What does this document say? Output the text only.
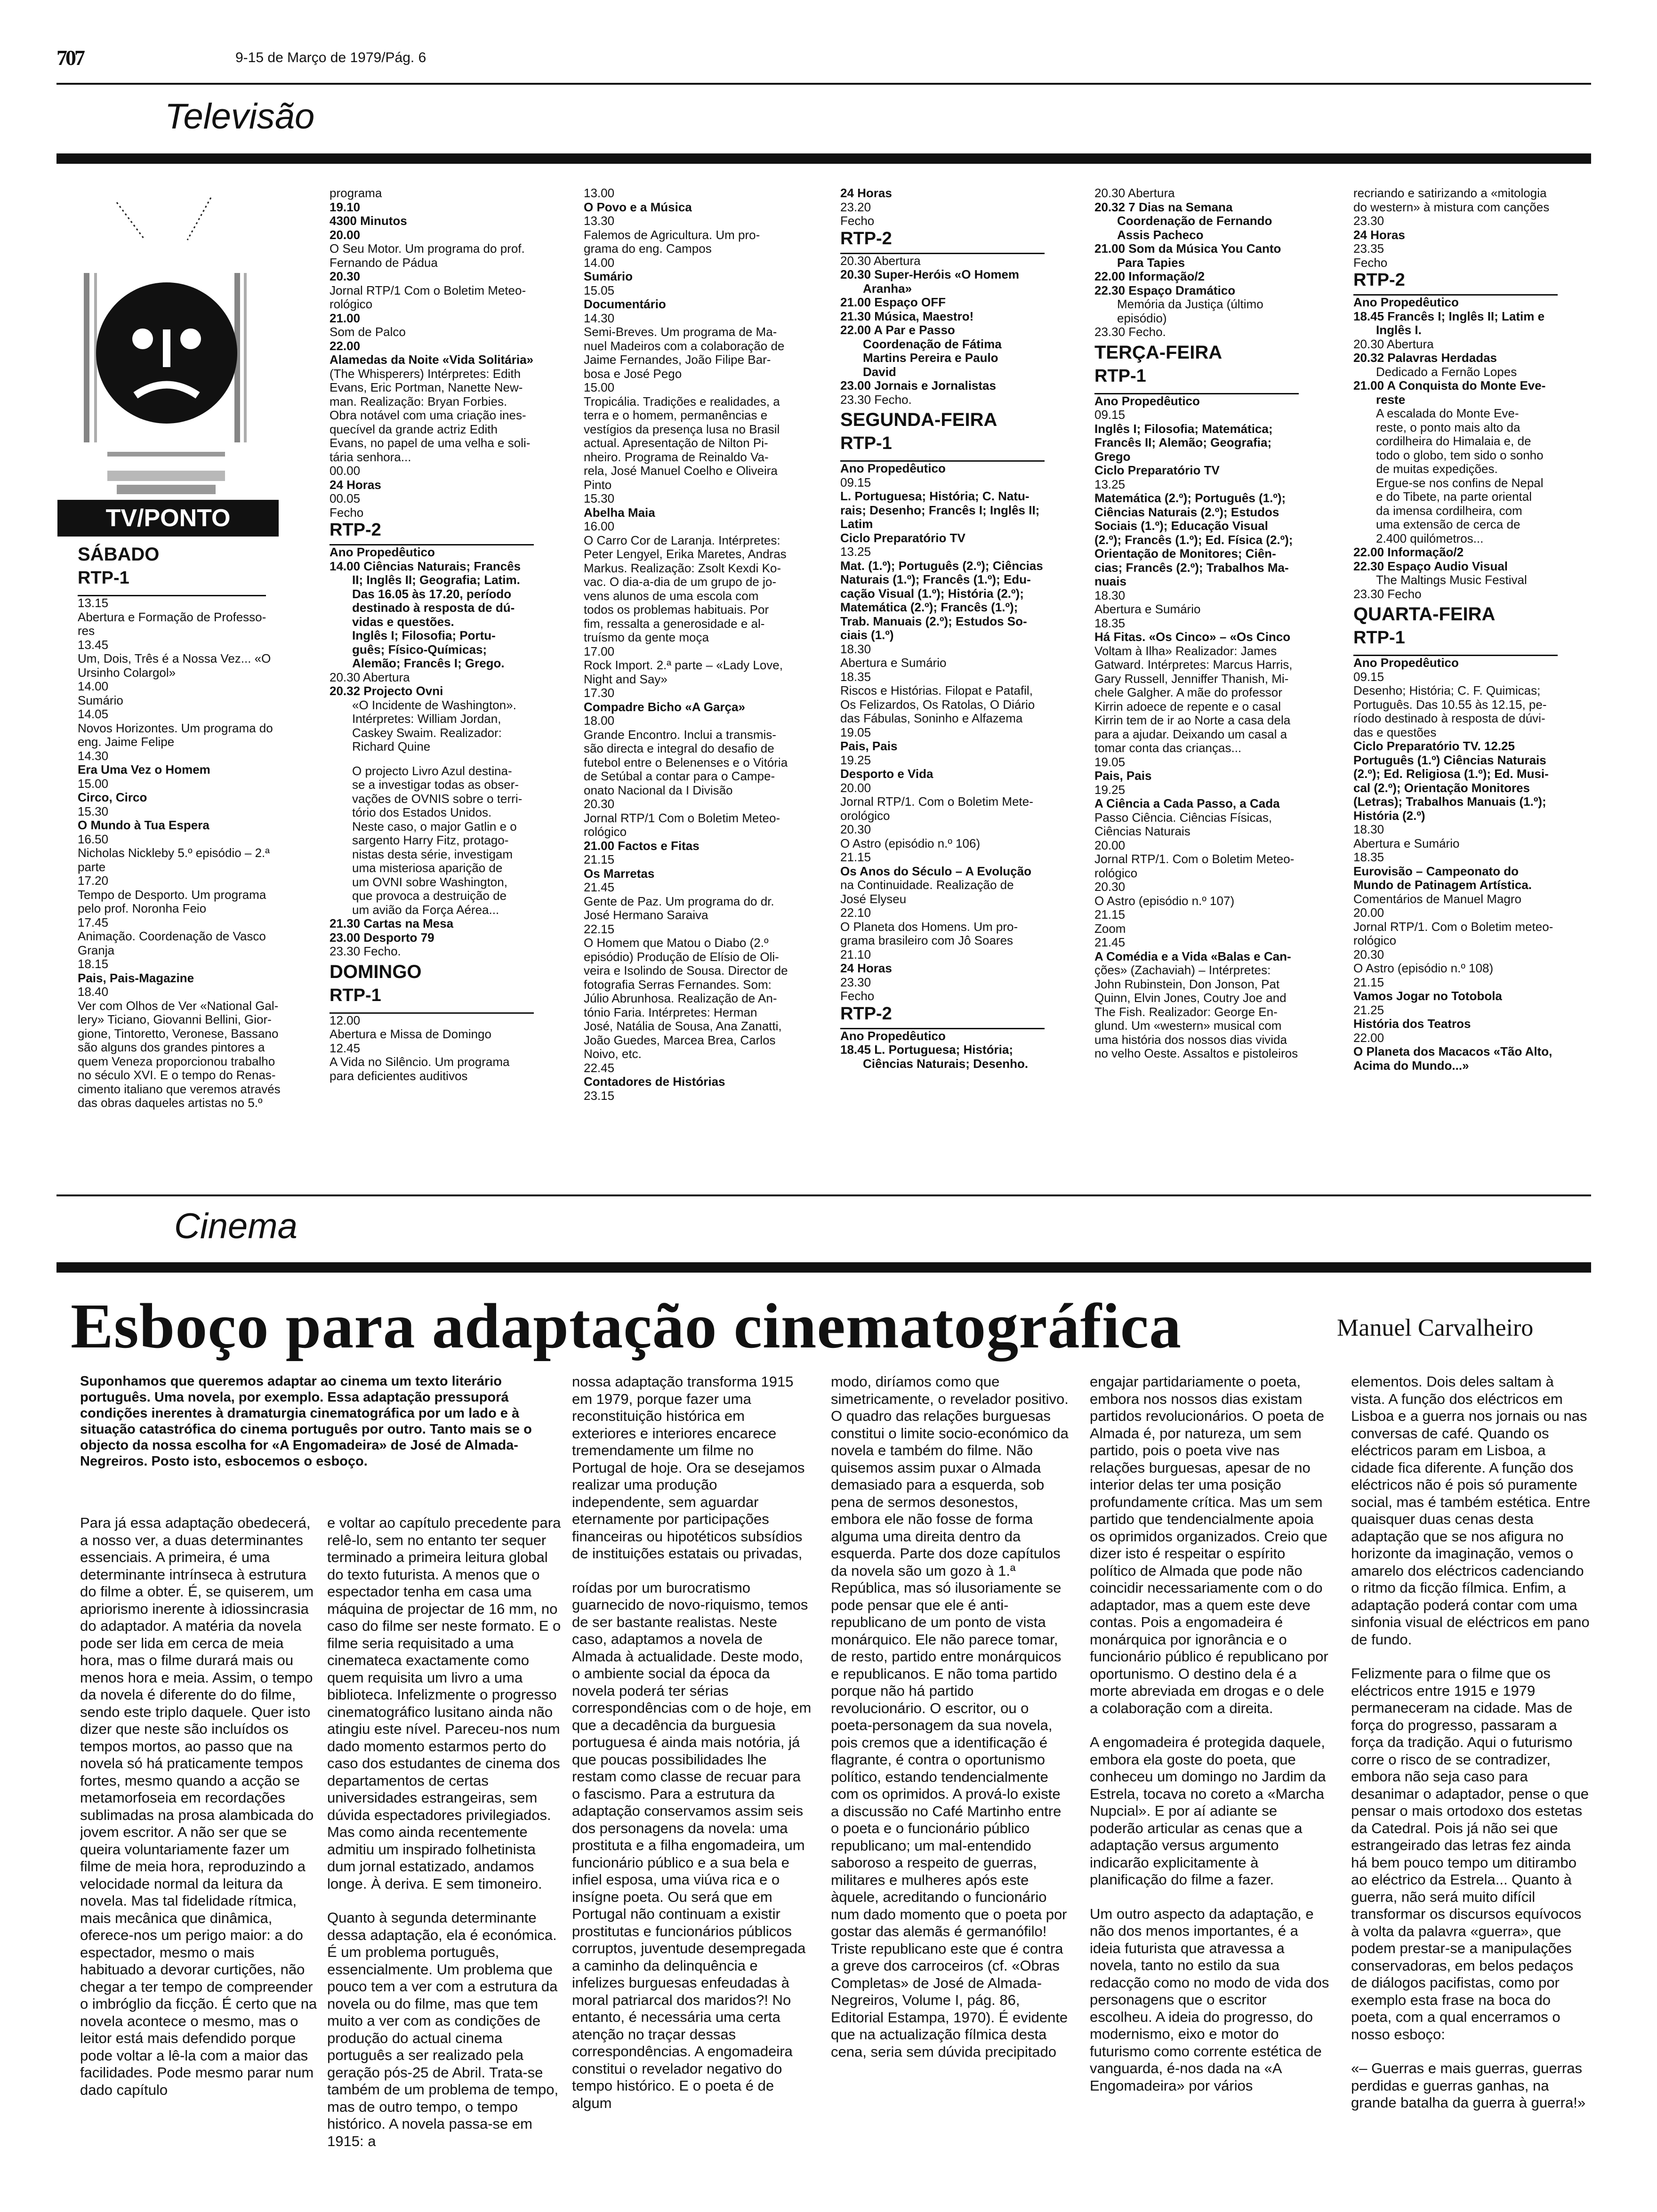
707	9-15 de Março de 1979/Pág. 6
Televisão
TV/PONTO

SÁBADO

RTP-1

13.15

Abertura e Formação de Professo-

res

13.45

Um, Dois, Três é a Nossa Vez... «O

Ursinho Colargol»

14.00

Sumário

14.05

Novos Horizontes. Um programa do

eng. Jaime Felipe

14.30

Era Uma Vez o Homem

15.00

Circo, Circo

15.30

O Mundo à Tua Espera

16.50

Nicholas Nickleby 5.º episódio – 2.ª

parte

17.20

Tempo de Desporto. Um programa

pelo prof. Noronha Feio

17.45

Animação. Coordenação de Vasco

Granja

18.15

Pais, Pais-Magazine

18.40

Ver com Olhos de Ver «National Gal-

lery» Ticiano, Giovanni Bellini, Gior-

gione, Tintoretto, Veronese, Bassano

são alguns dos grandes pintores a

quem Veneza proporcionou trabalho

no século XVI. E o tempo do Renas-

cimento italiano que veremos através

das obras daqueles artistas no 5.º

programa

19.10

4300 Minutos

20.00

O Seu Motor. Um programa do prof.

Fernando de Pádua

20.30

Jornal RTP/1 Com o Boletim Meteo-

rológico

21.00

Som de Palco

22.00

Alamedas da Noite «Vida Solitária»

(The Whisperers) Intérpretes: Edith

Evans, Eric Portman, Nanette New-

man. Realização: Bryan Forbies.

Obra notável com uma criação ines-

quecível da grande actriz Edith

Evans, no papel de uma velha e soli-

tária senhora...

00.00

24 Horas

00.05

Fecho

RTP-2

Ano Propedêutico

14.00 Ciências Naturais; Francês

II; Inglês II; Geografia; Latim.

Das 16.05 às 17.20, período

destinado à resposta de dú-

vidas e questões.

Inglês I; Filosofia; Portu-

guês; Físico-Químicas;

Alemão; Francês I; Grego.

20.30 Abertura

20.32 Projecto Ovni

«O Incidente de Washington».

Intérpretes: William Jordan,

Caskey Swaim. Realizador:

Richard Quine

O projecto Livro Azul destina-

se a investigar todas as obser-

vações de OVNIS sobre o terri-

tório dos Estados Unidos.

Neste caso, o major Gatlin e o

sargento Harry Fitz, protago-

nistas desta série, investigam

uma misteriosa aparição de

um OVNI sobre Washington,

que provoca a destruição de

um avião da Força Aérea...

21.30 Cartas na Mesa

23.00 Desporto 79

23.30 Fecho.

DOMINGO

RTP-1

12.00

Abertura e Missa de Domingo

12.45

A Vida no Silêncio. Um programa

para deficientes auditivos

13.00

O Povo e a Música

13.30

Falemos de Agricultura. Um pro-

grama do eng. Campos

14.00

Sumário

15.05

Documentário

14.30

Semi-Breves. Um programa de Ma-

nuel Madeiros com a colaboração de

Jaime Fernandes, João Filipe Bar-

bosa e José Pego

15.00

Tropicália. Tradições e realidades, a

terra e o homem, permanências e

vestígios da presença lusa no Brasil

actual. Apresentação de Nilton Pi-

nheiro. Programa de Reinaldo Va-

rela, José Manuel Coelho e Oliveira

Pinto

15.30

Abelha Maia

16.00

O Carro Cor de Laranja. Intérpretes:

Peter Lengyel, Erika Maretes, Andras

Markus. Realização: Zsolt Kexdi Ko-

vac. O dia-a-dia de um grupo de jo-

vens alunos de uma escola com

todos os problemas habituais. Por

fim, ressalta a generosidade e al-

truísmo da gente moça

17.00

Rock Import. 2.ª parte – «Lady Love,

Night and Say»

17.30

Compadre Bicho «A Garça»

18.00

Grande Encontro. Inclui a transmis-

são directa e integral do desafio de

futebol entre o Belenenses e o Vitória

de Setúbal a contar para o Campe-

onato Nacional da I Divisão

20.30

Jornal RTP/1 Com o Boletim Meteo-

rológico

21.00 Factos e Fitas

21.15

Os Marretas

21.45

Gente de Paz. Um programa do dr.

José Hermano Saraiva

22.15

O Homem que Matou o Diabo (2.º

episódio) Produção de Elísio de Oli-

veira e Isolindo de Sousa. Director de

fotografia Serras Fernandes. Som:

Júlio Abrunhosa. Realização de An-

tónio Faria. Intérpretes: Herman

José, Natália de Sousa, Ana Zanatti,

João Guedes, Marcea Brea, Carlos

Noivo, etc.

22.45

Contadores de Histórias

23.15

24 Horas

23.20

Fecho

RTP-2

20.30 Abertura

20.30 Super-Heróis «O Homem

Aranha»

21.00 Espaço OFF

21.30 Música, Maestro!

22.00 A Par e Passo

Coordenação de Fátima

Martins Pereira e Paulo

David

23.00 Jornais e Jornalistas

23.30 Fecho.

SEGUNDA-FEIRA

RTP-1

Ano Propedêutico

09.15

L. Portuguesa; História; C. Natu-

rais; Desenho; Francês I; Inglês II;

Latim

Ciclo Preparatório TV

13.25

Mat. (1.º); Português (2.º); Ciências

Naturais (1.º); Francês (1.º); Edu-

cação Visual (1.º); História (2.º);

Matemática (2.º); Francês (1.º);

Trab. Manuais (2.º); Estudos So-

ciais (1.º)

18.30

Abertura e Sumário

18.35

Riscos e Histórias. Filopat e Patafil,

Os Felizardos, Os Ratolas, O Diário

das Fábulas, Soninho e Alfazema

19.05

Pais, Pais

19.25

Desporto e Vida

20.00

Jornal RTP/1. Com o Boletim Mete-

orológico

20.30

O Astro (episódio n.º 106)

21.15

Os Anos do Século – A Evolução

na Continuidade. Realização de

José Elyseu

22.10

O Planeta dos Homens. Um pro-

grama brasileiro com Jô Soares

21.10

24 Horas

23.30

Fecho

RTP-2

Ano Propedêutico

18.45 L. Portuguesa; História;

Ciências Naturais; Desenho.

20.30 Abertura

20.32 7 Dias na Semana

Coordenação de Fernando

Assis Pacheco

21.00 Som da Música You Canto

Para Tapies

22.00 Informação/2

22.30 Espaço Dramático

Memória da Justiça (último

episódio)

23.30 Fecho.

TERÇA-FEIRA

RTP-1

Ano Propedêutico

09.15

Inglês I; Filosofia; Matemática;

Francês II; Alemão; Geografia;

Grego

Ciclo Preparatório TV

13.25

Matemática (2.º); Português (1.º);

Ciências Naturais (2.º); Estudos

Sociais (1.º); Educação Visual

(2.º); Francês (1.º); Ed. Física (2.º);

Orientação de Monitores; Ciên-

cias; Francês (2.º); Trabalhos Ma-

nuais

18.30

Abertura e Sumário

18.35

Há Fitas. «Os Cinco» – «Os Cinco

Voltam à Ilha» Realizador: James

Gatward. Intérpretes: Marcus Harris,

Gary Russell, Jenniffer Thanish, Mi-

chele Galgher. A mãe do professor

Kirrin adoece de repente e o casal

Kirrin tem de ir ao Norte a casa dela

para a ajudar. Deixando um casal a

tomar conta das crianças...

19.05

Pais, Pais

19.25

A Ciência a Cada Passo, a Cada

Passo Ciência. Ciências Físicas,

Ciências Naturais

20.00

Jornal RTP/1. Com o Boletim Meteo-

rológico

20.30

O Astro (episódio n.º 107)

21.15

Zoom

21.45

A Comédia e a Vida «Balas e Can-

ções» (Zachaviah) – Intérpretes:

John Rubinstein, Don Jonson, Pat

Quinn, Elvin Jones, Coutry Joe and

The Fish. Realizador: George En-

glund. Um «western» musical com

uma história dos nossos dias vivida

no velho Oeste. Assaltos e pistoleiros

recriando e satirizando a «mitologia

do western» à mistura com canções

23.30

24 Horas

23.35

Fecho

RTP-2

Ano Propedêutico

18.45 Francês I; Inglês II; Latim e

Inglês I.

20.30 Abertura

20.32 Palavras Herdadas

Dedicado a Fernão Lopes

21.00 A Conquista do Monte Eve-

reste

A escalada do Monte Eve-

reste, o ponto mais alto da

cordilheira do Himalaia e, de

todo o globo, tem sido o sonho

de muitas expedições.

Ergue-se nos confins de Nepal

e do Tibete, na parte oriental

da imensa cordilheira, com

uma extensão de cerca de

2.400 quilómetros...

22.00 Informação/2

22.30 Espaço Audio Visual

The Maltings Music Festival

23.30 Fecho

QUARTA-FEIRA

RTP-1

Ano Propedêutico

09.15

Desenho; História; C. F. Quimicas;

Português. Das 10.55 às 12.15, pe-

ríodo destinado à resposta de dúvi-

das e questões

Ciclo Preparatório TV. 12.25

Português (1.º) Ciências Naturais

(2.º); Ed. Religiosa (1.º); Ed. Musi-

cal (2.º); Orientação Monitores

(Letras); Trabalhos Manuais (1.º);

História (2.º)

18.30

Abertura e Sumário

18.35

Eurovisão – Campeonato do

Mundo de Patinagem Artística.

Comentários de Manuel Magro

20.00

Jornal RTP/1. Com o Boletim meteo-

rológico

20.30

O Astro (episódio n.º 108)

21.15

Vamos Jogar no Totobola

21.25

História dos Teatros

22.00

O Planeta dos Macacos «Tão Alto,

Acima do Mundo...»

Cinema
Esboço para adaptação cinematográfica	Manuel Carvalheiro
Suponhamos que queremos adaptar ao cinema um texto literário português. Uma novela, por exemplo. Essa adaptação pressuporá condições inerentes à dramaturgia cinematográfica por um lado e à situação catastrófica do cinema português por outro. Tanto mais se o objecto da nossa escolha for «A Engomadeira» de José de Almada-Negreiros. Posto isto, esbocemos o esboço.

Para já essa adaptação obedecerá, a nosso ver, a duas determinantes essenciais. A primeira, é uma determinante intrínseca à estrutura do filme a obter. É, se quiserem, um apriorismo inerente à idiossincrasia do adaptador. A matéria da novela pode ser lida em cerca de meia hora, mas o filme durará mais ou menos hora e meia. Assim, o tempo da novela é diferente do do filme, sendo este triplo daquele. Quer isto dizer que neste são incluídos os tempos mortos, ao passo que na novela só há praticamente tempos fortes, mesmo quando a acção se metamorfoseia em recordações sublimadas na prosa alambicada do jovem escritor. A não ser que se queira voluntariamente fazer um filme de meia hora, reproduzindo a velocidade normal da leitura da novela. Mas tal fidelidade rítmica, mais mecânica que dinâmica, oferece-nos um perigo maior: a do espectador, mesmo o mais habituado a devorar curtições, não chegar a ter tempo de compreender o imbróglio da ficção. É certo que na novela acontece o mesmo, mas o leitor está mais defendido porque pode voltar a lê-la com a maior das facilidades. Pode mesmo parar num dado capítulo

e voltar ao capítulo precedente para relê-lo, sem no entanto ter sequer terminado a primeira leitura global do texto futurista. A menos que o espectador tenha em casa uma máquina de projectar de 16 mm, no caso do filme ser neste formato. E o filme seria requisitado a uma cinemateca exactamente como quem requisita um livro a uma biblioteca. Infelizmente o progresso cinematográfico lusitano ainda não atingiu este nível. Pareceu-nos num dado momento estarmos perto do caso dos estudantes de cinema dos departamentos de certas universidades estrangeiras, sem dúvida espectadores privilegiados. Mas como ainda recentemente admitiu um inspirado folhetinista dum jornal estatizado, andamos longe. À deriva. E sem timoneiro.

Quanto à segunda determinante dessa adaptação, ela é económica. É um problema português, essencialmente. Um problema que pouco tem a ver com a estrutura da novela ou do filme, mas que tem muito a ver com as condições de produção do actual cinema português a ser realizado pela geração pós-25 de Abril. Trata-se também de um problema de tempo, mas de outro tempo, o tempo histórico. A novela passa-se em 1915: a

nossa adaptação transforma 1915 em 1979, porque fazer uma reconstituição histórica em exteriores e interiores encarece tremendamente um filme no Portugal de hoje. Ora se desejamos realizar uma produção independente, sem aguardar eternamente por participações financeiras ou hipotéticos subsídios de instituições estatais ou privadas,

roídas por um burocratismo guarnecido de novo-riquismo, temos de ser bastante realistas. Neste caso, adaptamos a novela de Almada à actualidade. Deste modo, o ambiente social da época da novela poderá ter sérias correspondências com o de hoje, em que a decadência da burguesia portuguesa é ainda mais notória, já que poucas possibilidades lhe restam como classe de recuar para o fascismo. Para a estrutura da adaptação conservamos assim seis dos personagens da novela: uma prostituta e a filha engomadeira, um funcionário público e a sua bela e infiel esposa, uma viúva rica e o insígne poeta. Ou será que em Portugal não continuam a existir prostitutas e funcionários públicos corruptos, juventude desempregada a caminho da delinquência e infelizes burguesas enfeudadas à moral patriarcal dos maridos?! No entanto, é necessária uma certa atenção no traçar dessas correspondências. A engomadeira constitui o revelador negativo do tempo histórico. E o poeta é de algum

modo, diríamos como que simetricamente, o revelador positivo. O quadro das relações burguesas constitui o limite socio-económico da novela e também do filme. Não quisemos assim puxar o Almada demasiado para a esquerda, sob pena de sermos desonestos, embora ele não fosse de forma alguma uma direita dentro da esquerda. Parte dos doze capítulos da novela são um gozo à 1.ª República, mas só ilusoriamente se pode pensar que ele é anti-republicano de um ponto de vista monárquico. Ele não parece tomar, de resto, partido entre monárquicos e republicanos. E não toma partido porque não há partido revolucionário. O escritor, ou o poeta-personagem da sua novela, pois cremos que a identificação é flagrante, é contra o oportunismo político, estando tendencialmente com os oprimidos. A prová-lo existe a discussão no Café Martinho entre o poeta e o funcionário público republicano; um mal-entendido saboroso a respeito de guerras, militares e mulheres após este àquele, acreditando o funcionário num dado momento que o poeta por gostar das alemãs é germanófilo! Triste republicano este que é contra a greve dos carroceiros (cf. «Obras Completas» de José de Almada-Negreiros, Volume I, pág. 86, Editorial Estampa, 1970). É evidente que na actualização fílmica desta cena, seria sem dúvida precipitado

engajar partidariamente o poeta, embora nos nossos dias existam partidos revolucionários. O poeta de Almada é, por natureza, um sem partido, pois o poeta vive nas relações burguesas, apesar de no interior delas ter uma posição profundamente crítica. Mas um sem partido que tendencialmente apoia os oprimidos organizados. Creio que dizer isto é respeitar o espírito político de Almada que pode não coincidir necessariamente com o do adaptador, mas a quem este deve contas. Pois a engomadeira é monárquica por ignorância e o funcionário público é republicano por oportunismo. O destino dela é a morte abreviada em drogas e o dele a colaboração com a direita.

A engomadeira é protegida daquele, embora ela goste do poeta, que conheceu um domingo no Jardim da Estrela, tocava no coreto a «Marcha Nupcial». E por aí adiante se poderão articular as cenas que a adaptação versus argumento indicarão explicitamente à planificação do filme a fazer.

Um outro aspecto da adaptação, e não dos menos importantes, é a ideia futurista que atravessa a novela, tanto no estilo da sua redacção como no modo de vida dos personagens que o escritor escolheu. A ideia do progresso, do modernismo, eixo e motor do futurismo como corrente estética de vanguarda, é-nos dada na «A Engomadeira» por vários

elementos. Dois deles saltam à vista. A função dos eléctricos em Lisboa e a guerra nos jornais ou nas conversas de café. Quando os eléctricos param em Lisboa, a cidade fica diferente. A função dos eléctricos não é pois só puramente social, mas é também estética. Entre quaisquer duas cenas desta adaptação que se nos afigura no horizonte da imaginação, vemos o amarelo dos eléctricos cadenciando o ritmo da ficção fílmica. Enfim, a adaptação poderá contar com uma sinfonia visual de eléctricos em pano de fundo.

Felizmente para o filme que os eléctricos entre 1915 e 1979 permaneceram na cidade. Mas de força do progresso, passaram a força da tradição. Aqui o futurismo corre o risco de se contradizer, embora não seja caso para desanimar o adaptador, pense o que pensar o mais ortodoxo dos estetas da Catedral. Pois já não sei que estrangeirado das letras fez ainda há bem pouco tempo um ditirambo ao eléctrico da Estrela... Quanto à guerra, não será muito difícil transformar os discursos equívocos à volta da palavra «guerra», que podem prestar-se a manipulações conservadoras, em belos pedaços de diálogos pacifistas, como por exemplo esta frase na boca do poeta, com a qual encerramos o nosso esboço:

«– Guerras e mais guerras, guerras perdidas e guerras ganhas, na grande batalha da guerra à guerra!»
